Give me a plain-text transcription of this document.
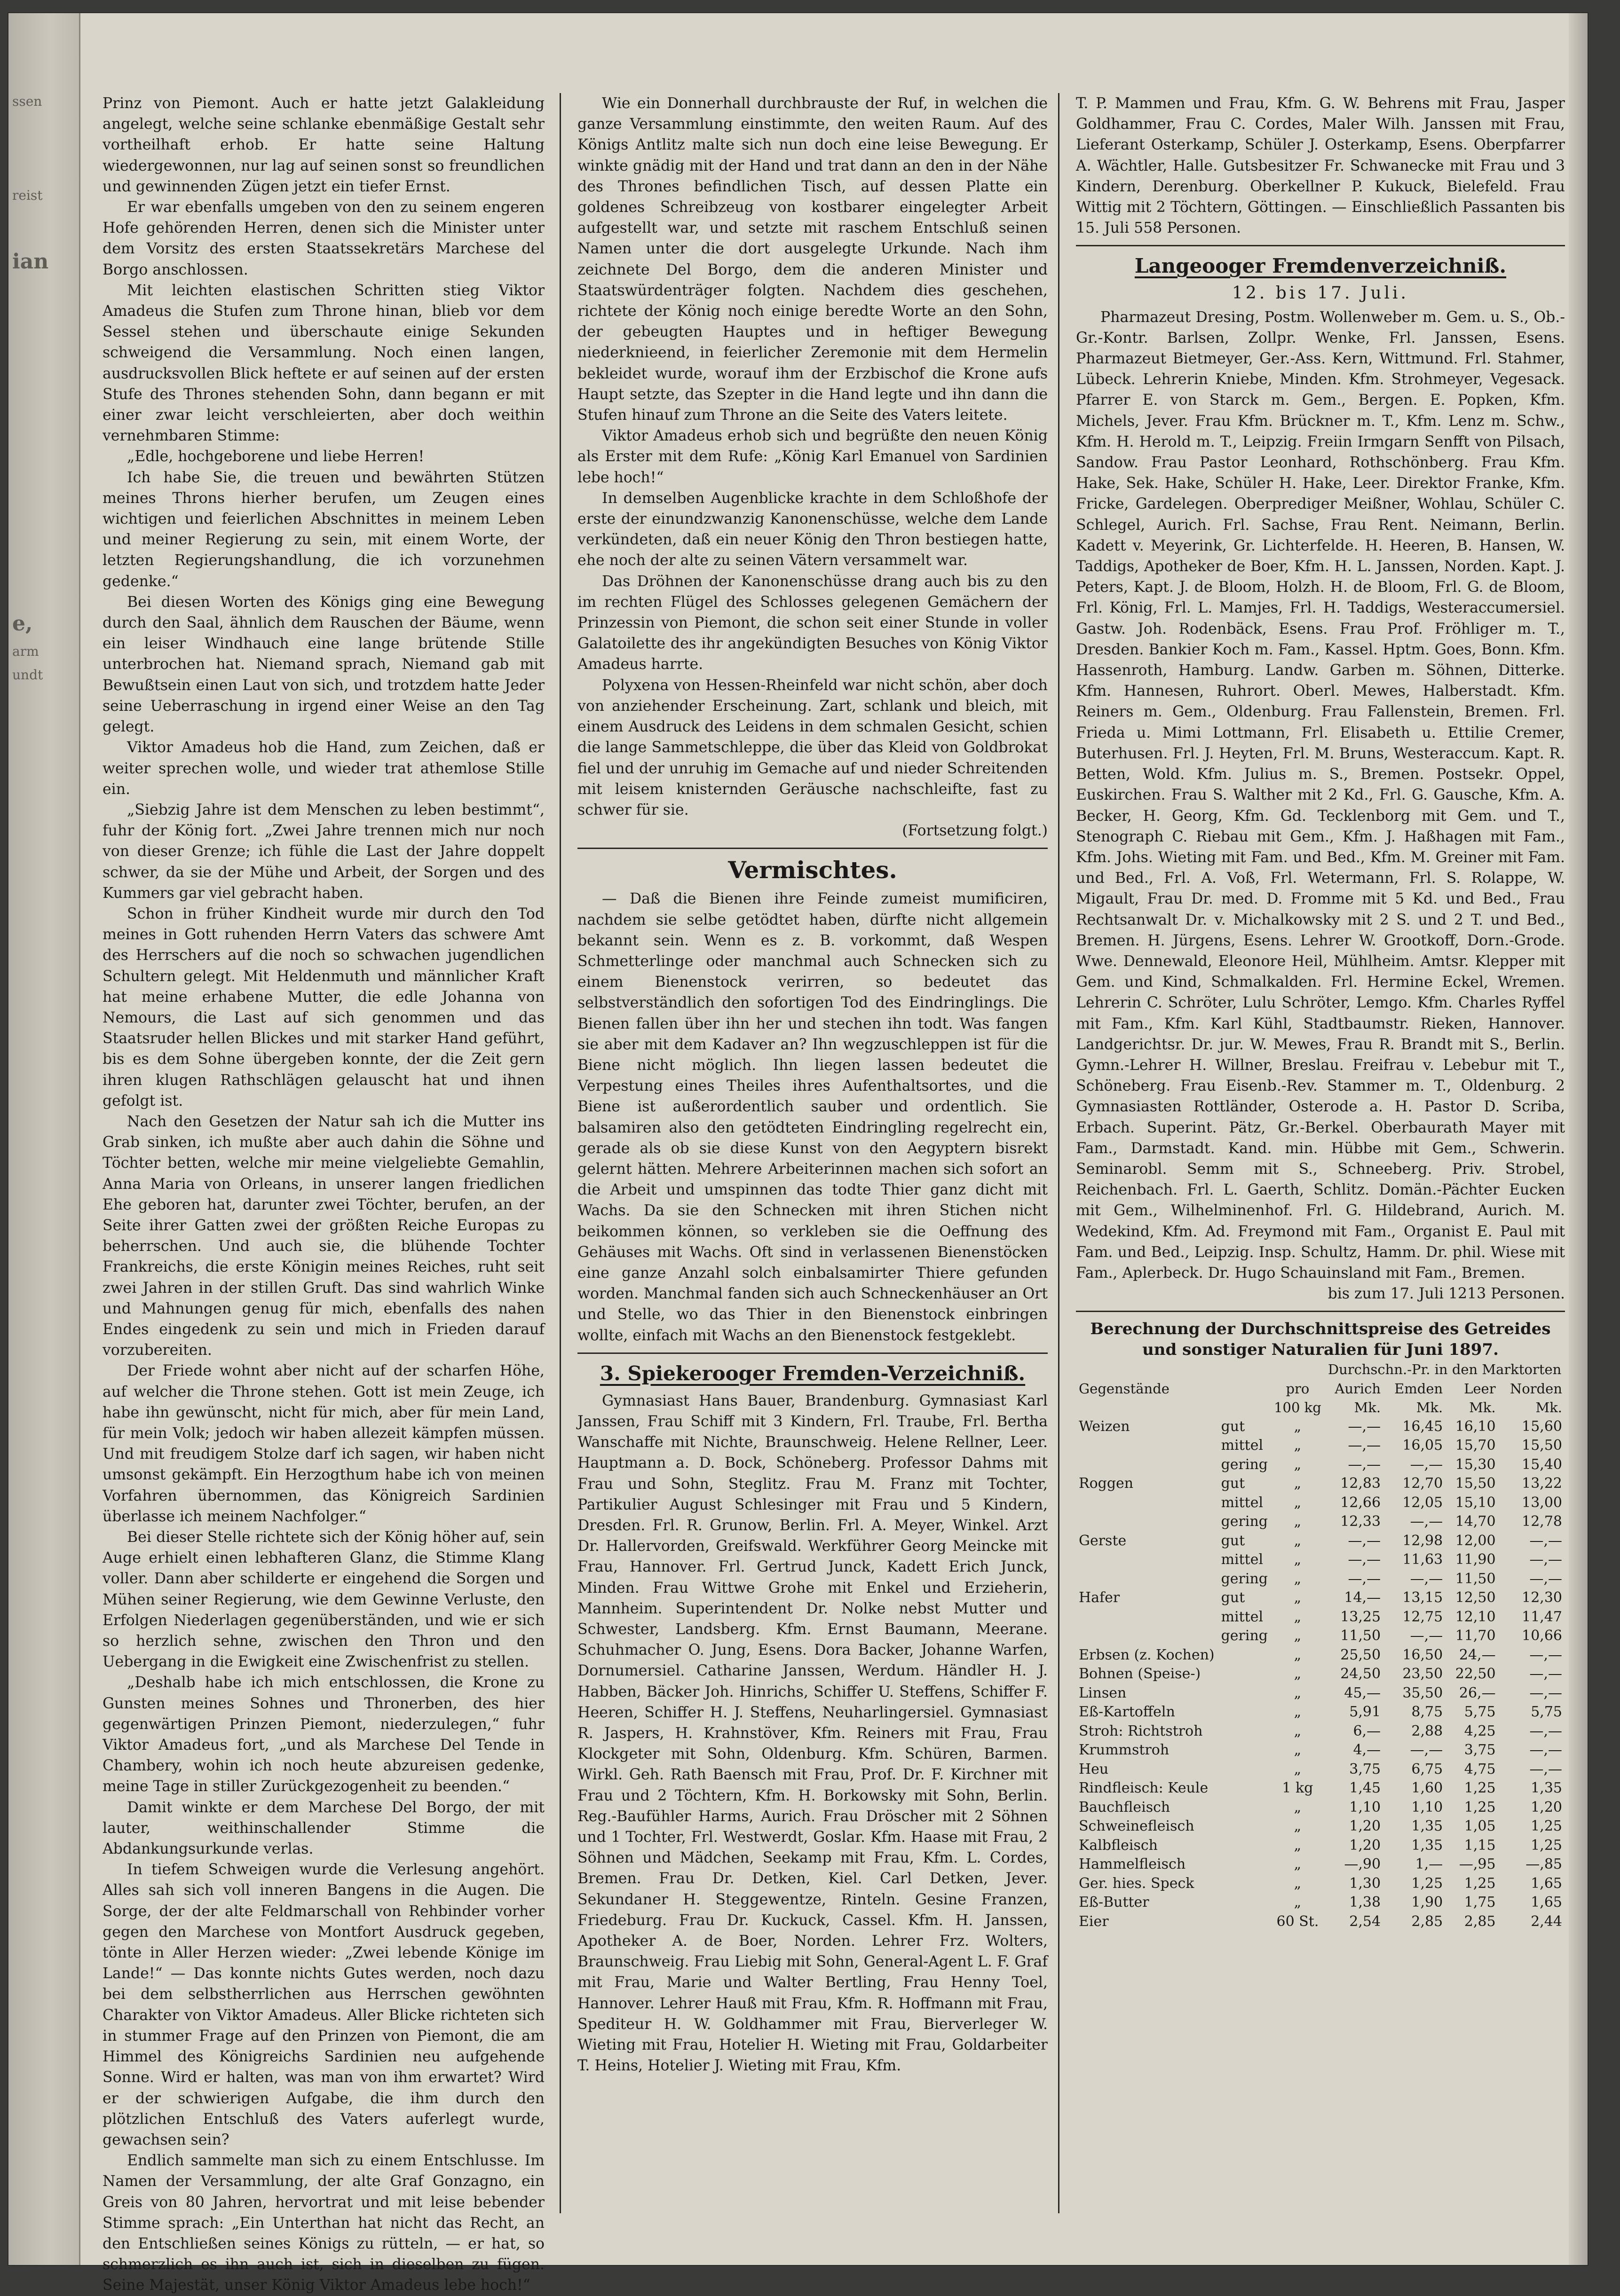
ssen
reist
ian
e,
arm
undt

Prinz von Piemont. Auch er hatte jetzt Galakleidung angelegt, welche seine schlanke ebenmäßige Gestalt sehr vortheilhaft erhob. Er hatte seine Haltung wiedergewonnen, nur lag auf seinen sonst so freundlichen und gewinnenden Zügen jetzt ein tiefer Ernst.

Er war ebenfalls umgeben von den zu seinem engeren Hofe gehörenden Herren, denen sich die Minister unter dem Vorsitz des ersten Staatssekretärs Marchese del Borgo anschlossen.

Mit leichten elastischen Schritten stieg Viktor Amadeus die Stufen zum Throne hinan, blieb vor dem Sessel stehen und überschaute einige Sekunden schweigend die Versammlung. Noch einen langen, ausdrucksvollen Blick heftete er auf seinen auf der ersten Stufe des Thrones stehenden Sohn, dann begann er mit einer zwar leicht verschleierten, aber doch weithin vernehmbaren Stimme:

„Edle, hochgeborene und liebe Herren!

Ich habe Sie, die treuen und bewährten Stützen meines Throns hierher berufen, um Zeugen eines wichtigen und feierlichen Abschnittes in meinem Leben und meiner Regierung zu sein, mit einem Worte, der letzten Regierungshandlung, die ich vorzunehmen gedenke.“

Bei diesen Worten des Königs ging eine Bewegung durch den Saal, ähnlich dem Rauschen der Bäume, wenn ein leiser Windhauch eine lange brütende Stille unterbrochen hat. Niemand sprach, Niemand gab mit Bewußtsein einen Laut von sich, und trotzdem hatte Jeder seine Ueberraschung in irgend einer Weise an den Tag gelegt.

Viktor Amadeus hob die Hand, zum Zeichen, daß er weiter sprechen wolle, und wieder trat athemlose Stille ein.

„Siebzig Jahre ist dem Menschen zu leben bestimmt“, fuhr der König fort. „Zwei Jahre trennen mich nur noch von dieser Grenze; ich fühle die Last der Jahre doppelt schwer, da sie der Mühe und Arbeit, der Sorgen und des Kummers gar viel gebracht haben.

Schon in früher Kindheit wurde mir durch den Tod meines in Gott ruhenden Herrn Vaters das schwere Amt des Herrschers auf die noch so schwachen jugendlichen Schultern gelegt. Mit Heldenmuth und männlicher Kraft hat meine erhabene Mutter, die edle Johanna von Nemours, die Last auf sich genommen und das Staatsruder hellen Blickes und mit starker Hand geführt, bis es dem Sohne übergeben konnte, der die Zeit gern ihren klugen Rathschlägen gelauscht hat und ihnen gefolgt ist.

Nach den Gesetzen der Natur sah ich die Mutter ins Grab sinken, ich mußte aber auch dahin die Söhne und Töchter betten, welche mir meine vielgeliebte Gemahlin, Anna Maria von Orleans, in unserer langen friedlichen Ehe geboren hat, darunter zwei Töchter, berufen, an der Seite ihrer Gatten zwei der größten Reiche Europas zu beherrschen. Und auch sie, die blühende Tochter Frankreichs, die erste Königin meines Reiches, ruht seit zwei Jahren in der stillen Gruft. Das sind wahrlich Winke und Mahnungen genug für mich, ebenfalls des nahen Endes eingedenk zu sein und mich in Frieden darauf vorzubereiten.

Der Friede wohnt aber nicht auf der scharfen Höhe, auf welcher die Throne stehen. Gott ist mein Zeuge, ich habe ihn gewünscht, nicht für mich, aber für mein Land, für mein Volk; jedoch wir haben allezeit kämpfen müssen. Und mit freudigem Stolze darf ich sagen, wir haben nicht umsonst gekämpft. Ein Herzogthum habe ich von meinen Vorfahren übernommen, das Königreich Sardinien überlasse ich meinem Nachfolger.“

Bei dieser Stelle richtete sich der König höher auf, sein Auge erhielt einen lebhafteren Glanz, die Stimme Klang voller. Dann aber schilderte er eingehend die Sorgen und Mühen seiner Regierung, wie dem Gewinne Verluste, den Erfolgen Niederlagen gegenüberständen, und wie er sich so herzlich sehne, zwischen den Thron und den Uebergang in die Ewigkeit eine Zwischenfrist zu stellen.

„Deshalb habe ich mich entschlossen, die Krone zu Gunsten meines Sohnes und Thronerben, des hier gegenwärtigen Prinzen Piemont, niederzulegen,“ fuhr Viktor Amadeus fort, „und als Marchese Del Tende in Chambery, wohin ich noch heute abzureisen gedenke, meine Tage in stiller Zurückgezogenheit zu beenden.“

Damit winkte er dem Marchese Del Borgo, der mit lauter, weithinschallender Stimme die Abdankungsurkunde verlas.

In tiefem Schweigen wurde die Verlesung angehört. Alles sah sich voll inneren Bangens in die Augen. Die Sorge, der der alte Feldmarschall von Rehbinder vorher gegen den Marchese von Montfort Ausdruck gegeben, tönte in Aller Herzen wieder: „Zwei lebende Könige im Lande!“ — Das konnte nichts Gutes werden, noch dazu bei dem selbstherrlichen aus Herrschen gewöhnten Charakter von Viktor Amadeus. Aller Blicke richteten sich in stummer Frage auf den Prinzen von Piemont, die am Himmel des Königreichs Sardinien neu aufgehende Sonne. Wird er halten, was man von ihm erwartet? Wird er der schwierigen Aufgabe, die ihm durch den plötzlichen Entschluß des Vaters auferlegt wurde, gewachsen sein?

Endlich sammelte man sich zu einem Entschlusse. Im Namen der Versammlung, der alte Graf Gonzagno, ein Greis von 80 Jahren, hervortrat und mit leise bebender Stimme sprach: „Ein Unterthan hat nicht das Recht, an den Entschließen seines Königs zu rütteln, — er hat, so schmerzlich es ihn auch ist, sich in dieselben zu fügen. Seine Majestät, unser König Viktor Amadeus lebe hoch!“

Wie ein Donnerhall durchbrauste der Ruf, in welchen die ganze Versammlung einstimmte, den weiten Raum. Auf des Königs Antlitz malte sich nun doch eine leise Bewegung. Er winkte gnädig mit der Hand und trat dann an den in der Nähe des Thrones befindlichen Tisch, auf dessen Platte ein goldenes Schreibzeug von kostbarer eingelegter Arbeit aufgestellt war, und setzte mit raschem Entschluß seinen Namen unter die dort ausgelegte Urkunde. Nach ihm zeichnete Del Borgo, dem die anderen Minister und Staatswürdenträger folgten. Nachdem dies geschehen, richtete der König noch einige beredte Worte an den Sohn, der gebeugten Hauptes und in heftiger Bewegung niederknieend, in feierlicher Zeremonie mit dem Hermelin bekleidet wurde, worauf ihm der Erzbischof die Krone aufs Haupt setzte, das Szepter in die Hand legte und ihn dann die Stufen hinauf zum Throne an die Seite des Vaters leitete.

Viktor Amadeus erhob sich und begrüßte den neuen König als Erster mit dem Rufe: „König Karl Emanuel von Sardinien lebe hoch!“

In demselben Augenblicke krachte in dem Schloßhofe der erste der einundzwanzig Kanonenschüsse, welche dem Lande verkündeten, daß ein neuer König den Thron bestiegen hatte, ehe noch der alte zu seinen Vätern versammelt war.

Das Dröhnen der Kanonenschüsse drang auch bis zu den im rechten Flügel des Schlosses gelegenen Gemächern der Prinzessin von Piemont, die schon seit einer Stunde in voller Galatoilette des ihr angekündigten Besuches von König Viktor Amadeus harrte.

Polyxena von Hessen-Rheinfeld war nicht schön, aber doch von anziehender Erscheinung. Zart, schlank und bleich, mit einem Ausdruck des Leidens in dem schmalen Gesicht, schien die lange Sammetschleppe, die über das Kleid von Goldbrokat fiel und der unruhig im Gemache auf und nieder Schreitenden mit leisem knisternden Geräusche nachschleifte, fast zu schwer für sie.

(Fortsetzung folgt.)
Vermischtes.

— Daß die Bienen ihre Feinde zumeist mumificiren, nachdem sie selbe getödtet haben, dürfte nicht allgemein bekannt sein. Wenn es z. B. vorkommt, daß Wespen Schmetterlinge oder manchmal auch Schnecken sich zu einem Bienenstock verirren, so bedeutet das selbstverständlich den sofortigen Tod des Eindringlings. Die Bienen fallen über ihn her und stechen ihn todt. Was fangen sie aber mit dem Kadaver an? Ihn wegzuschleppen ist für die Biene nicht möglich. Ihn liegen lassen bedeutet die Verpestung eines Theiles ihres Aufenthaltsortes, und die Biene ist außerordentlich sauber und ordentlich. Sie balsamiren also den getödteten Eindringling regelrecht ein, gerade als ob sie diese Kunst von den Aegyptern bisrekt gelernt hätten. Mehrere Arbeiterinnen machen sich sofort an die Arbeit und umspinnen das todte Thier ganz dicht mit Wachs. Da sie den Schnecken mit ihren Stichen nicht beikommen können, so verkleben sie die Oeffnung des Gehäuses mit Wachs. Oft sind in verlassenen Bienenstöcken eine ganze Anzahl solch einbalsamirter Thiere gefunden worden. Manchmal fanden sich auch Schneckenhäuser an Ort und Stelle, wo das Thier in den Bienenstock einbringen wollte, einfach mit Wachs an den Bienenstock festgeklebt.

3. Spiekerooger Fremden-Verzeichniß.

Gymnasiast Hans Bauer, Brandenburg. Gymnasiast Karl Janssen, Frau Schiff mit 3 Kindern, Frl. Traube, Frl. Bertha Wanschaffe mit Nichte, Braunschweig. Helene Rellner, Leer. Hauptmann a. D. Bock, Schöneberg. Professor Dahms mit Frau und Sohn, Steglitz. Frau M. Franz mit Tochter, Partikulier August Schlesinger mit Frau und 5 Kindern, Dresden. Frl. R. Grunow, Berlin. Frl. A. Meyer, Winkel. Arzt Dr. Hallervorden, Greifswald. Werkführer Georg Meincke mit Frau, Hannover. Frl. Gertrud Junck, Kadett Erich Junck, Minden. Frau Wittwe Grohe mit Enkel und Erzieherin, Mannheim. Superintendent Dr. Nolke nebst Mutter und Schwester, Landsberg. Kfm. Ernst Baumann, Meerane. Schuhmacher O. Jung, Esens. Dora Backer, Johanne Warfen, Dornumersiel. Catharine Janssen, Werdum. Händler H. J. Habben, Bäcker Joh. Hinrichs, Schiffer U. Steffens, Schiffer F. Heeren, Schiffer H. J. Steffens, Neuharlingersiel. Gymnasiast R. Jaspers, H. Krahnstöver, Kfm. Reiners mit Frau, Frau Klockgeter mit Sohn, Oldenburg. Kfm. Schüren, Barmen. Wirkl. Geh. Rath Baensch mit Frau, Prof. Dr. F. Kirchner mit Frau und 2 Töchtern, Kfm. H. Borkowsky mit Sohn, Berlin. Reg.-Baufühler Harms, Aurich. Frau Dröscher mit 2 Söhnen und 1 Tochter, Frl. Westwerdt, Goslar. Kfm. Haase mit Frau, 2 Söhnen und Mädchen, Seekamp mit Frau, Kfm. L. Cordes, Bremen. Frau Dr. Detken, Kiel. Carl Detken, Jever. Sekundaner H. Steggewentze, Rinteln. Gesine Franzen, Friedeburg. Frau Dr. Kuckuck, Cassel. Kfm. H. Janssen, Apotheker A. de Boer, Norden. Lehrer Frz. Wolters, Braunschweig. Frau Liebig mit Sohn, General-Agent L. F. Graf mit Frau, Marie und Walter Bertling, Frau Henny Toel, Hannover. Lehrer Hauß mit Frau, Kfm. R. Hoffmann mit Frau, Spediteur H. W. Goldhammer mit Frau, Bierverleger W. Wieting mit Frau, Hotelier H. Wieting mit Frau, Goldarbeiter T. Heins, Hotelier J. Wieting mit Frau, Kfm.

T. P. Mammen und Frau, Kfm. G. W. Behrens mit Frau, Jasper Goldhammer, Frau C. Cordes, Maler Wilh. Janssen mit Frau, Lieferant Osterkamp, Schüler J. Osterkamp, Esens. Oberpfarrer A. Wächtler, Halle. Gutsbesitzer Fr. Schwanecke mit Frau und 3 Kindern, Derenburg. Oberkellner P. Kukuck, Bielefeld. Frau Wittig mit 2 Töchtern, Göttingen. — Einschließlich Passanten bis 15. Juli 558 Personen.

Langeooger Fremdenverzeichniß.
12. bis 17. Juli.

Pharmazeut Dresing, Postm. Wollenweber m. Gem. u. S., Ob.-Gr.-Kontr. Barlsen, Zollpr. Wenke, Frl. Janssen, Esens. Pharmazeut Bietmeyer, Ger.-Ass. Kern, Wittmund. Frl. Stahmer, Lübeck. Lehrerin Kniebe, Minden. Kfm. Strohmeyer, Vegesack. Pfarrer E. von Starck m. Gem., Bergen. E. Popken, Kfm. Michels, Jever. Frau Kfm. Brückner m. T., Kfm. Lenz m. Schw., Kfm. H. Herold m. T., Leipzig. Freiin Irmgarn Senfft von Pilsach, Sandow. Frau Pastor Leonhard, Rothschönberg. Frau Kfm. Hake, Sek. Hake, Schüler H. Hake, Leer. Direktor Franke, Kfm. Fricke, Gardelegen. Oberprediger Meißner, Wohlau, Schüler C. Schlegel, Aurich. Frl. Sachse, Frau Rent. Neimann, Berlin. Kadett v. Meyerink, Gr. Lichterfelde. H. Heeren, B. Hansen, W. Taddigs, Apotheker de Boer, Kfm. H. L. Janssen, Norden. Kapt. J. Peters, Kapt. J. de Bloom, Holzh. H. de Bloom, Frl. G. de Bloom, Frl. König, Frl. L. Mamjes, Frl. H. Taddigs, Westeraccumersiel. Gastw. Joh. Rodenbäck, Esens. Frau Prof. Fröhliger m. T., Dresden. Bankier Koch m. Fam., Kassel. Hptm. Goes, Bonn. Kfm. Hassenroth, Hamburg. Landw. Garben m. Söhnen, Ditterke. Kfm. Hannesen, Ruhrort. Oberl. Mewes, Halberstadt. Kfm. Reiners m. Gem., Oldenburg. Frau Fallenstein, Bremen. Frl. Frieda u. Mimi Lottmann, Frl. Elisabeth u. Ettilie Cremer, Buterhusen. Frl. J. Heyten, Frl. M. Bruns, Westeraccum. Kapt. R. Betten, Wold. Kfm. Julius m. S., Bremen. Postsekr. Oppel, Euskirchen. Frau S. Walther mit 2 Kd., Frl. G. Gausche, Kfm. A. Becker, H. Georg, Kfm. Gd. Tecklenborg mit Gem. und T., Stenograph C. Riebau mit Gem., Kfm. J. Haßhagen mit Fam., Kfm. Johs. Wieting mit Fam. und Bed., Kfm. M. Greiner mit Fam. und Bed., Frl. A. Voß, Frl. Wetermann, Frl. S. Rolappe, W. Migault, Frau Dr. med. D. Fromme mit 5 Kd. und Bed., Frau Rechtsanwalt Dr. v. Michalkowsky mit 2 S. und 2 T. und Bed., Bremen. H. Jürgens, Esens. Lehrer W. Grootkoff, Dorn.-Grode. Wwe. Dennewald, Eleonore Heil, Mühlheim. Amtsr. Klepper mit Gem. und Kind, Schmalkalden. Frl. Hermine Eckel, Wremen. Lehrerin C. Schröter, Lulu Schröter, Lemgo. Kfm. Charles Ryffel mit Fam., Kfm. Karl Kühl, Stadtbaumstr. Rieken, Hannover. Landgerichtsr. Dr. jur. W. Mewes, Frau R. Brandt mit S., Berlin. Gymn.-Lehrer H. Willner, Breslau. Freifrau v. Lebebur mit T., Schöneberg. Frau Eisenb.-Rev. Stammer m. T., Oldenburg. 2 Gymnasiasten Rottländer, Osterode a. H. Pastor D. Scriba, Erbach. Superint. Pätz, Gr.-Berkel. Oberbaurath Mayer mit Fam., Darmstadt. Kand. min. Hübbe mit Gem., Schwerin. Seminarobl. Semm mit S., Schneeberg. Priv. Strobel, Reichenbach. Frl. L. Gaerth, Schlitz. Domän.-Pächter Eucken mit Gem., Wilhelminenhof. Frl. G. Hildebrand, Aurich. M. Wedekind, Kfm. Ad. Freymond mit Fam., Organist E. Paul mit Fam. und Bed., Leipzig. Insp. Schultz, Hamm. Dr. phil. Wiese mit Fam., Aplerbeck. Dr. Hugo Schauinsland mit Fam., Bremen.

bis zum 17. Juli 1213 Personen.
Berechnung der Durchschnittspreise des Getreides und sonstiger Naturalien für Juni 1897.
			Durchschn.-Pr. in den Marktorten			
Gegenstände		pro	Aurich	Emden	Leer	Norden
		100 kg	Mk.	Mk.	Mk.	Mk.
Weizen	gut	„	—,—	16,45	16,10	15,60
	mittel	„	—,—	16,05	15,70	15,50
	gering	„	—,—	—,—	15,30	15,40
Roggen	gut	„	12,83	12,70	15,50	13,22
	mittel	„	12,66	12,05	15,10	13,00
	gering	„	12,33	—,—	14,70	12,78
Gerste	gut	„	—,—	12,98	12,00	—,—
	mittel	„	—,—	11,63	11,90	—,—
	gering	„	—,—	—,—	11,50	—,—
Hafer	gut	„	14,—	13,15	12,50	12,30
	mittel	„	13,25	12,75	12,10	11,47
	gering	„	11,50	—,—	11,70	10,66
Erbsen (z. Kochen)		„	25,50	16,50	24,—	—,—
Bohnen (Speise-)		„	24,50	23,50	22,50	—,—
Linsen		„	45,—	35,50	26,—	—,—
Eß-Kartoffeln		„	5,91	8,75	5,75	5,75
Stroh: Richtstroh		„	6,—	2,88	4,25	—,—
Krummstroh		„	4,—	—,—	3,75	—,—
Heu		„	3,75	6,75	4,75	—,—
Rindfleisch: Keule		1 kg	1,45	1,60	1,25	1,35
Bauchfleisch		„	1,10	1,10	1,25	1,20
Schweinefleisch		„	1,20	1,35	1,05	1,25
Kalbfleisch		„	1,20	1,35	1,15	1,25
Hammelfleisch		„	—,90	1,—	—,95	—,85
Ger. hies. Speck		„	1,30	1,25	1,25	1,65
Eß-Butter		„	1,38	1,90	1,75	1,65
Eier		60 St.	2,54	2,85	2,85	2,44
